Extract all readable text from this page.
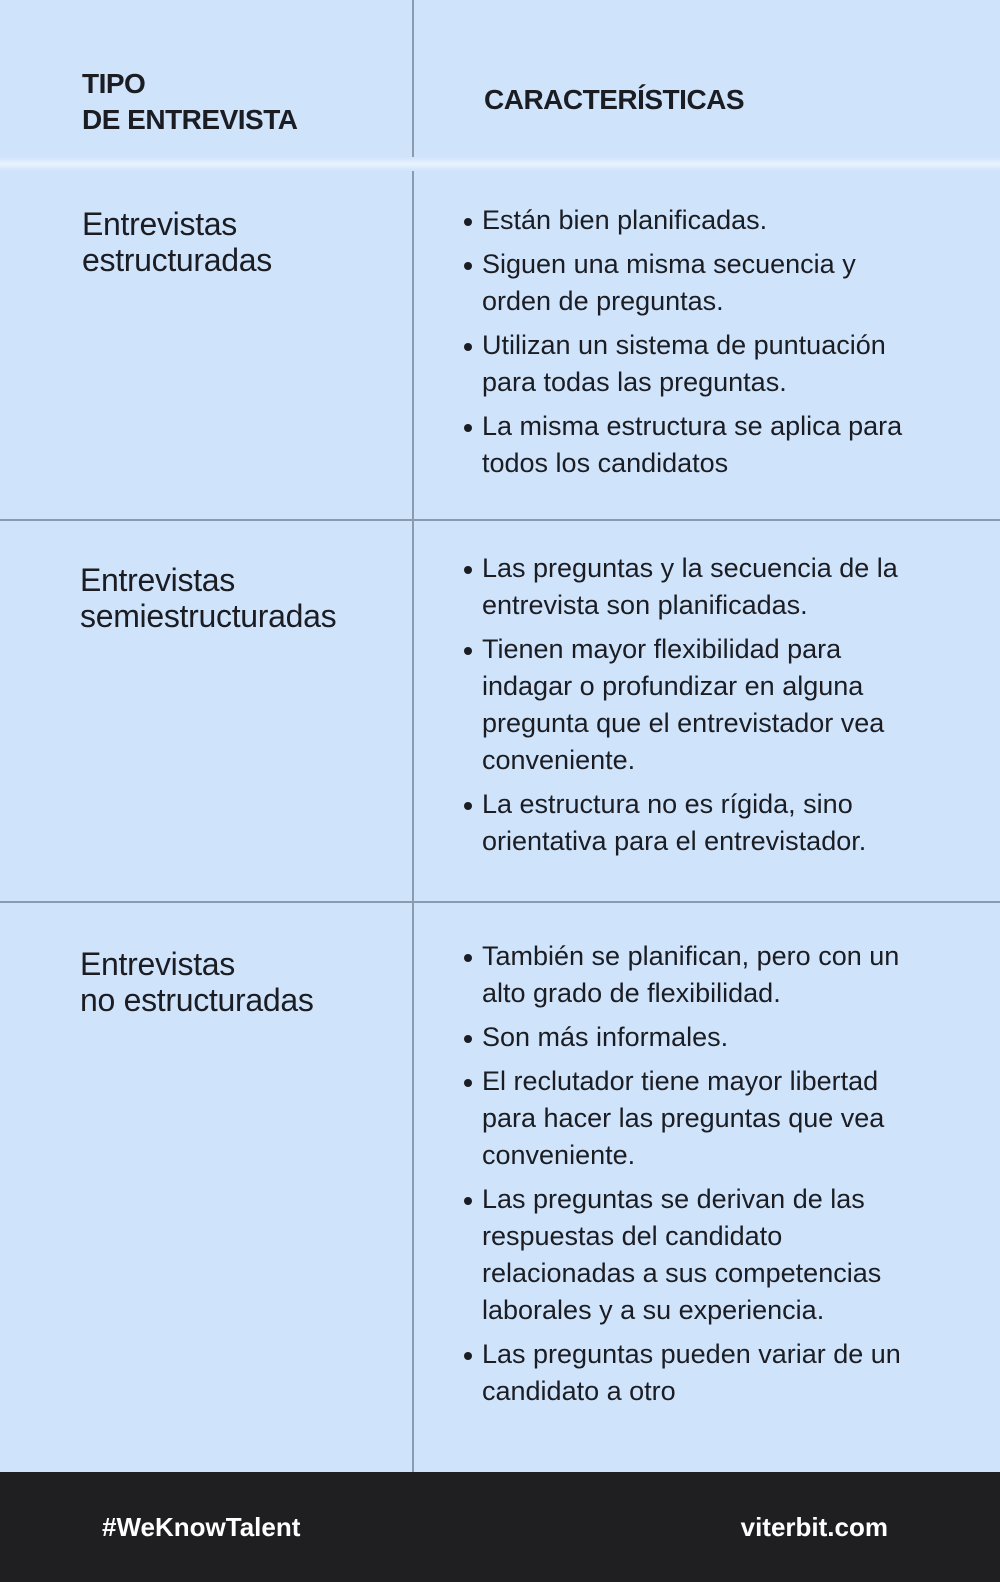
TIPO
DE ENTREVISTA
CARACTERÍSTICAS
Entrevistas estructuradas
Están bien planificadas.
Siguen una misma secuencia y orden de preguntas.
Utilizan un sistema de puntuación para todas las preguntas.
La misma estructura se aplica para todos los candidatos
Entrevistas semiestructuradas
Las preguntas y la secuencia de la entrevista son planificadas.
Tienen mayor flexibilidad para indagar o profundizar en alguna pregunta que el entrevistador vea conveniente.
La estructura no es rígida, sino orientativa para el entrevistador.
Entrevistas
no estructuradas
También se planifican, pero con un alto grado de flexibilidad.
Son más informales.
El reclutador tiene mayor libertad para hacer las preguntas que vea conveniente.
Las preguntas se derivan de las respuestas del candidato relacionadas a sus competencias laborales y a su experiencia.
Las preguntas pueden variar de un candidato a otro
#WeKnowTalent	viterbit.com
